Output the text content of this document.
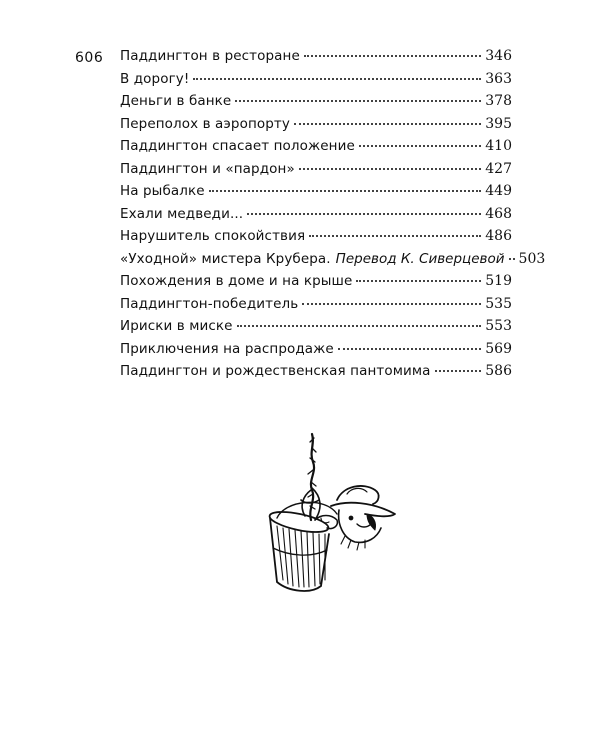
606 Паддингтон в ресторане	346
В дорогу!	363
Деньги в банке	378
Переполох в аэропорту	395
Паддингтон спасает положение	410
Паддингтон и «пардон»	427
На рыбалке	449
Ехали медведи...	468
Нарушитель спокойствия	486
«Уходной» мистера Крубера. Перевод К. Сиверцевой 503
Похождения в доме и на крыше	519
Паддингтон-победитель	535
Ириски в миске	553
Приключения на распродаже	569
Паддингтон и рождественская пантомима	586
